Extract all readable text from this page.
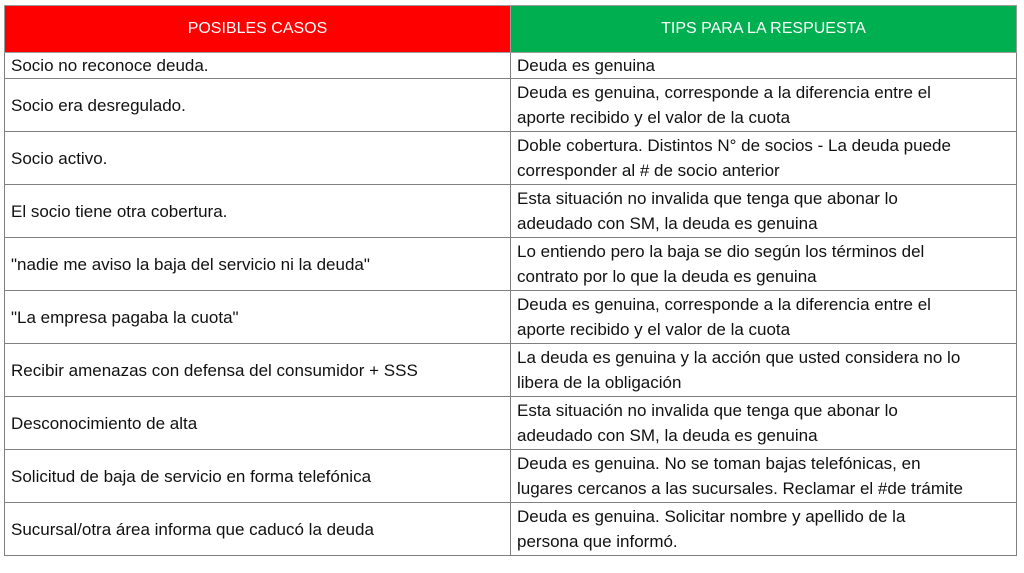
POSIBLES CASOS	TIPS PARA LA RESPUESTA
Socio no reconoce deuda.	Deuda es genuina
Socio era desregulado.	Deuda es genuina, corresponde a la diferencia entre el
aporte recibido y el valor de la cuota
Socio activo.	Doble cobertura. Distintos N° de socios - La deuda puede
corresponder al # de socio anterior
El socio tiene otra cobertura.	Esta situación no invalida que tenga que abonar lo
adeudado con SM, la deuda es genuina
"nadie me aviso la baja del servicio ni la deuda"	Lo entiendo pero la baja se dio según los términos del
contrato por lo que la deuda es genuina
"La empresa pagaba la cuota"	Deuda es genuina, corresponde a la diferencia entre el
aporte recibido y el valor de la cuota
Recibir amenazas con defensa del consumidor + SSS	La deuda es genuina y la acción que usted considera no lo
libera de la obligación
Desconocimiento de alta	Esta situación no invalida que tenga que abonar lo
adeudado con SM, la deuda es genuina
Solicitud de baja de servicio en forma telefónica	Deuda es genuina. No se toman bajas telefónicas, en
lugares cercanos a las sucursales. Reclamar el #de trámite
Sucursal/otra área informa que caducó la deuda	Deuda es genuina. Solicitar nombre y apellido de la
persona que informó.
